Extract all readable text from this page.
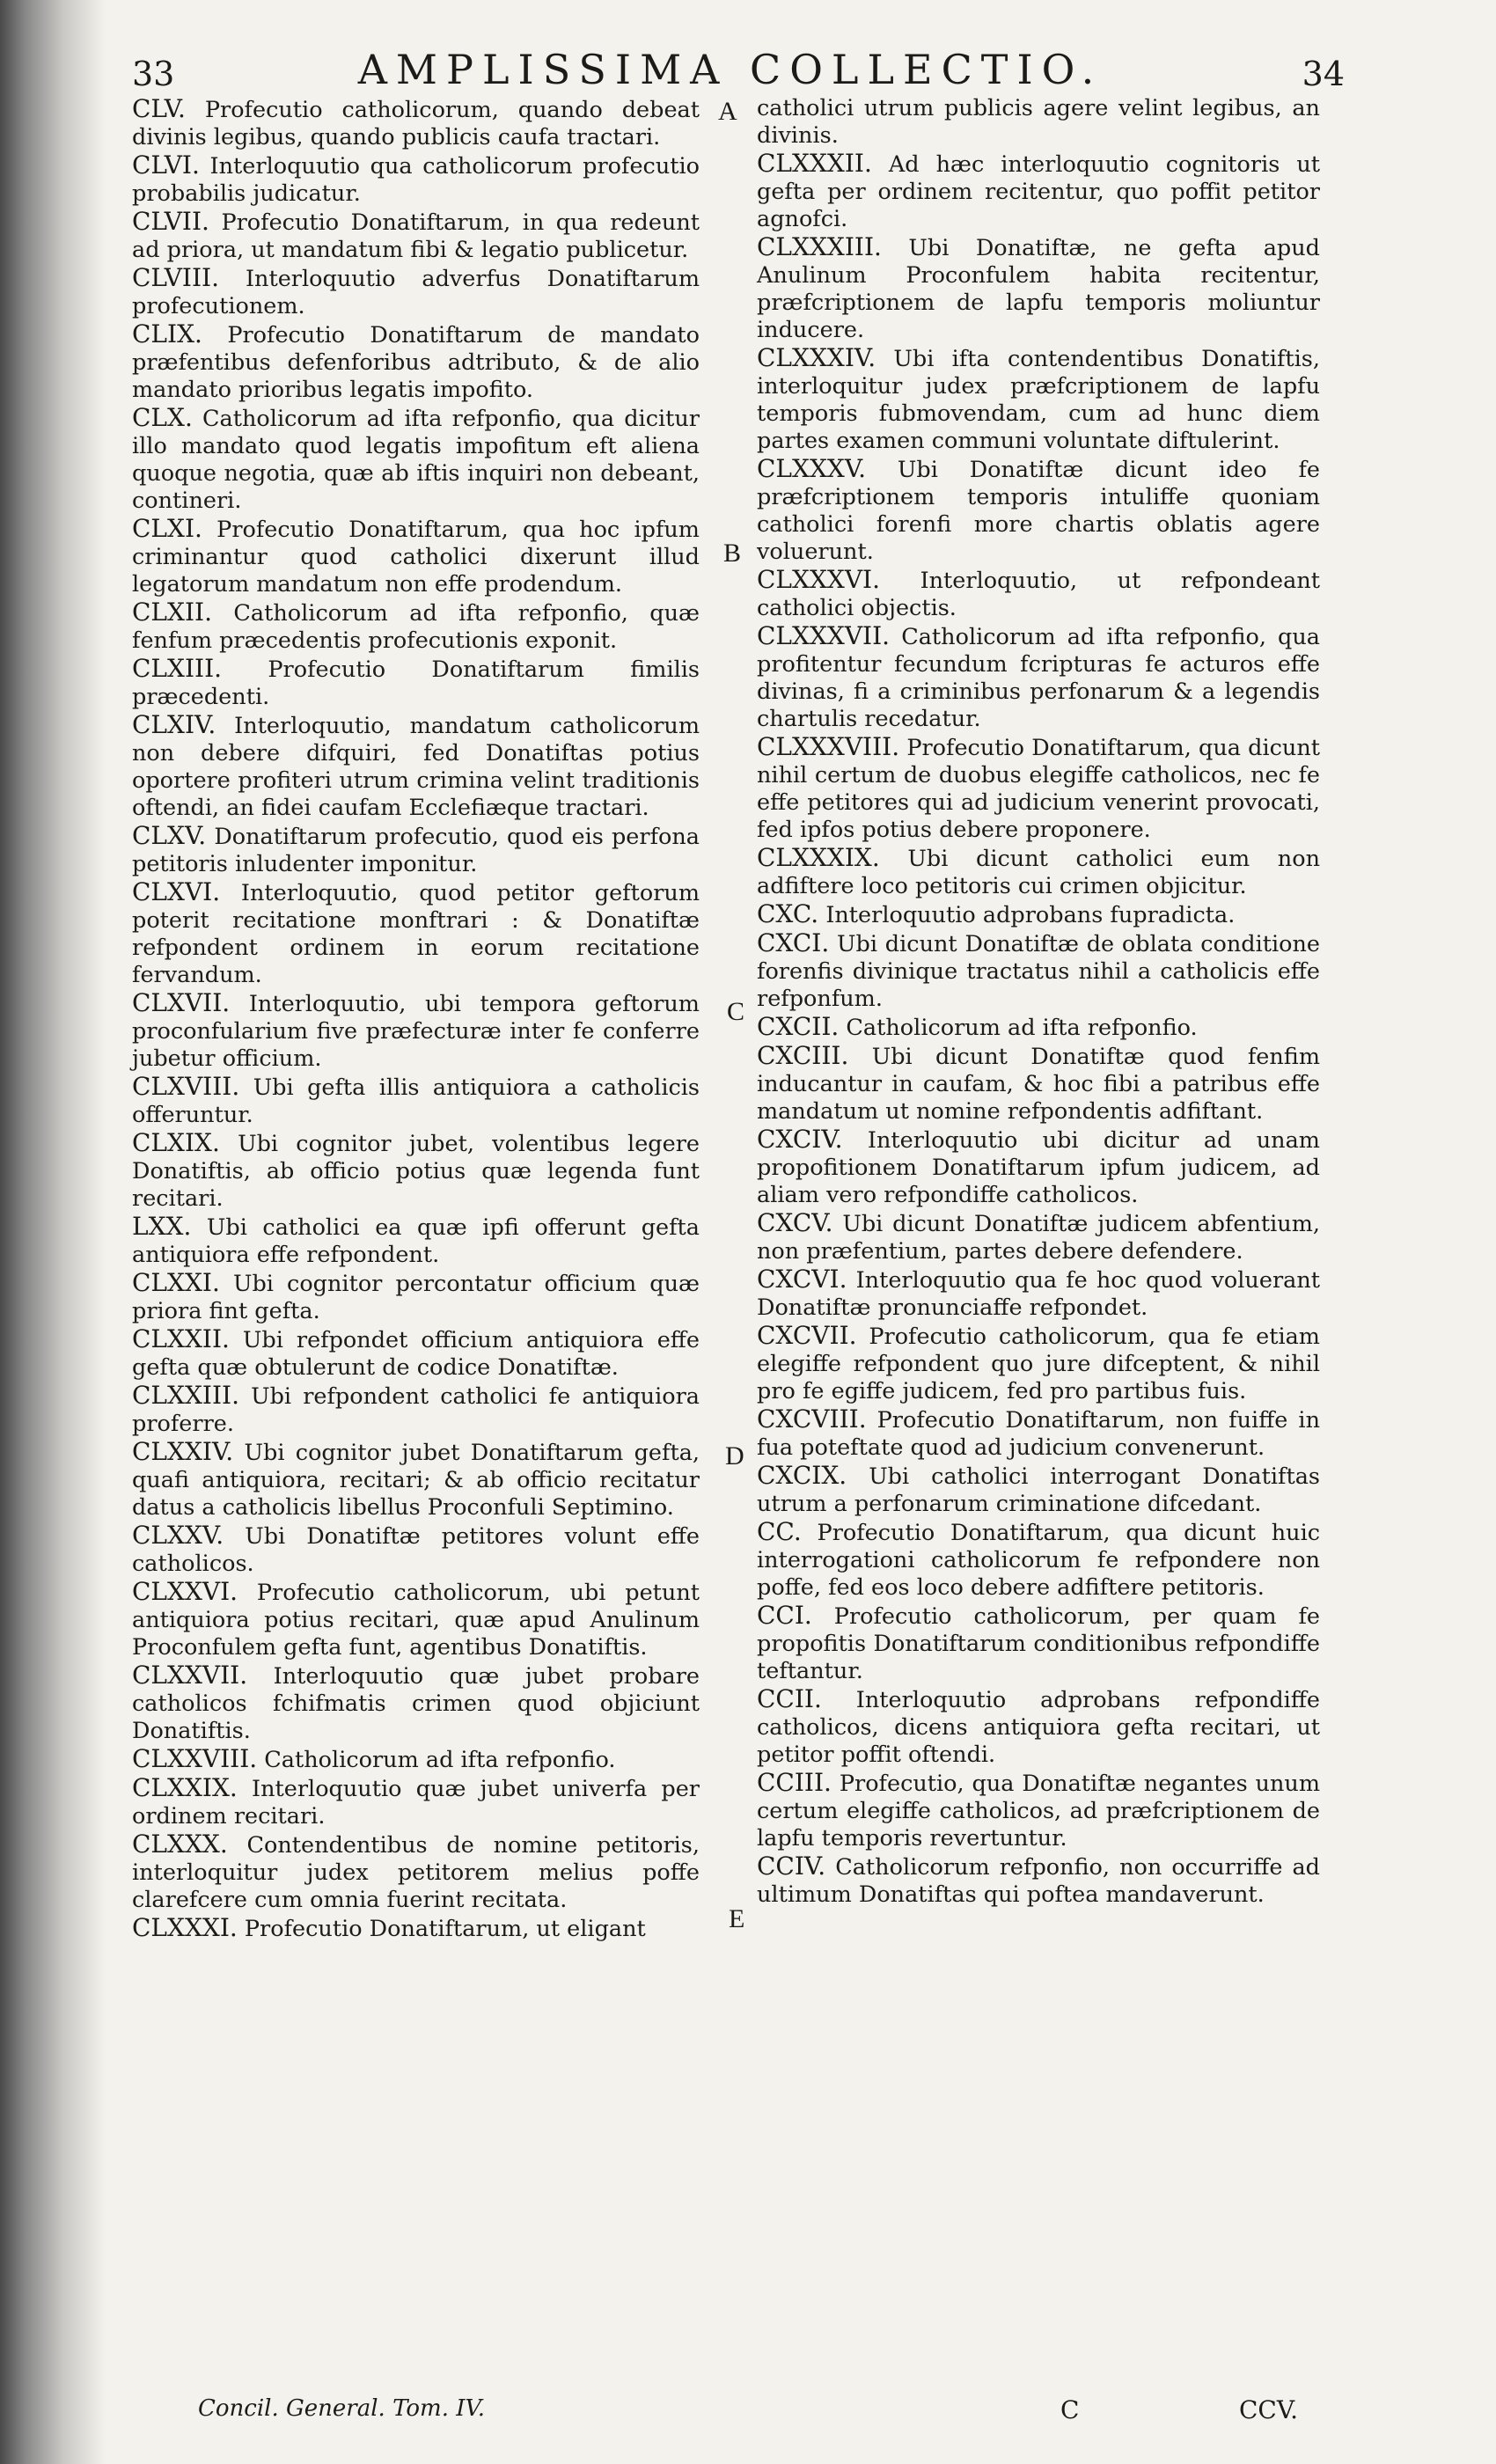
33	AMPLISSIMA COLLECTIO.	34

CLV. Profecutio catholicorum, quando debeat divinis legibus, quando publicis caufa tractari.

CLVI. Interloquutio qua catholicorum profecutio probabilis judicatur.

CLVII. Profecutio Donatiftarum, in qua redeunt ad priora, ut mandatum fibi & legatio publicetur.

CLVIII. Interloquutio adverfus Donatiftarum profecutionem.

CLIX. Profecutio Donatiftarum de mandato præfentibus defenforibus adtributo, & de alio mandato prioribus legatis impofito.

CLX. Catholicorum ad ifta refponfio, qua dicitur illo mandato quod legatis impofitum eft aliena quoque negotia, quæ ab iftis inquiri non debeant, contineri.

CLXI. Profecutio Donatiftarum, qua hoc ipfum criminantur quod catholici dixerunt illud legatorum mandatum non effe prodendum.

CLXII. Catholicorum ad ifta refponfio, quæ fenfum præcedentis profecutionis exponit.

CLXIII. Profecutio Donatiftarum fimilis præcedenti.

CLXIV. Interloquutio, mandatum catholicorum non debere difquiri, fed Donatiftas potius oportere profiteri utrum crimina velint traditionis oftendi, an fidei caufam Ecclefiæque tractari.

CLXV. Donatiftarum profecutio, quod eis perfona petitoris inludenter imponitur.

CLXVI. Interloquutio, quod petitor geftorum poterit recitatione monftrari : & Donatiftæ refpondent ordinem in eorum recitatione fervandum.

CLXVII. Interloquutio, ubi tempora geftorum proconfularium five præfecturæ inter fe conferre jubetur officium.

CLXVIII. Ubi gefta illis antiquiora a catholicis offeruntur.

CLXIX. Ubi cognitor jubet, volentibus legere Donatiftis, ab officio potius quæ legenda funt recitari.

LXX. Ubi catholici ea quæ ipfi offerunt gefta antiquiora effe refpondent.

CLXXI. Ubi cognitor percontatur officium quæ priora fint gefta.

CLXXII. Ubi refpondet officium antiquiora effe gefta quæ obtulerunt de codice Donatiftæ.

CLXXIII. Ubi refpondent catholici fe antiquiora proferre.

CLXXIV. Ubi cognitor jubet Donatiftarum gefta, quafi antiquiora, recitari; & ab officio recitatur datus a catholicis libellus Proconfuli Septimino.

CLXXV. Ubi Donatiftæ petitores volunt effe catholicos.

CLXXVI. Profecutio catholicorum, ubi petunt antiquiora potius recitari, quæ apud Anulinum Proconfulem gefta funt, agentibus Donatiftis.

CLXXVII. Interloquutio quæ jubet probare catholicos fchifmatis crimen quod objiciunt Donatiftis.

CLXXVIII. Catholicorum ad ifta refponfio.

CLXXIX. Interloquutio quæ jubet univerfa per ordinem recitari.

CLXXX. Contendentibus de nomine petitoris, interloquitur judex petitorem melius poffe clarefcere cum omnia fuerint recitata.

CLXXXI. Profecutio Donatiftarum, ut eligant

catholici utrum publicis agere velint legibus, an divinis.

CLXXXII. Ad hæc interloquutio cognitoris ut gefta per ordinem recitentur, quo poffit petitor agnofci.

CLXXXIII. Ubi Donatiftæ, ne gefta apud Anulinum Proconfulem habita recitentur, præfcriptionem de lapfu temporis moliuntur inducere.

CLXXXIV. Ubi ifta contendentibus Donatiftis, interloquitur judex præfcriptionem de lapfu temporis fubmovendam, cum ad hunc diem partes examen communi voluntate diftulerint.

CLXXXV. Ubi Donatiftæ dicunt ideo fe præfcriptionem temporis intuliffe quoniam catholici forenfi more chartis oblatis agere voluerunt.

CLXXXVI. Interloquutio, ut refpondeant catholici objectis.

CLXXXVII. Catholicorum ad ifta refponfio, qua profitentur fecundum fcripturas fe acturos effe divinas, fi a criminibus perfonarum & a legendis chartulis recedatur.

CLXXXVIII. Profecutio Donatiftarum, qua dicunt nihil certum de duobus elegiffe catholicos, nec fe effe petitores qui ad judicium venerint provocati, fed ipfos potius debere proponere.

CLXXXIX. Ubi dicunt catholici eum non adfiftere loco petitoris cui crimen objicitur.

CXC. Interloquutio adprobans fupradicta.

CXCI. Ubi dicunt Donatiftæ de oblata conditione forenfis divinique tractatus nihil a catholicis effe refponfum.

CXCII. Catholicorum ad ifta refponfio.

CXCIII. Ubi dicunt Donatiftæ quod fenfim inducantur in caufam, & hoc fibi a patribus effe mandatum ut nomine refpondentis adfiftant.

CXCIV. Interloquutio ubi dicitur ad unam propofitionem Donatiftarum ipfum judicem, ad aliam vero refpondiffe catholicos.

CXCV. Ubi dicunt Donatiftæ judicem abfentium, non præfentium, partes debere defendere.

CXCVI. Interloquutio qua fe hoc quod voluerant Donatiftæ pronunciaffe refpondet.

CXCVII. Profecutio catholicorum, qua fe etiam elegiffe refpondent quo jure difceptent, & nihil pro fe egiffe judicem, fed pro partibus fuis.

CXCVIII. Profecutio Donatiftarum, non fuiffe in fua poteftate quod ad judicium convenerunt.

CXCIX. Ubi catholici interrogant Donatiftas utrum a perfonarum criminatione difcedant.

CC. Profecutio Donatiftarum, qua dicunt huic interrogationi catholicorum fe refpondere non poffe, fed eos loco debere adfiftere petitoris.

CCI. Profecutio catholicorum, per quam fe propofitis Donatiftarum conditionibus refpondiffe teftantur.

CCII. Interloquutio adprobans refpondiffe catholicos, dicens antiquiora gefta recitari, ut petitor poffit oftendi.

CCIII. Profecutio, qua Donatiftæ negantes unum certum elegiffe catholicos, ad præfcriptionem de lapfu temporis revertuntur.

CCIV. Catholicorum refponfio, non occurriffe ad ultimum Donatiftas qui poftea mandaverunt.

A
B
C
D
E
Concil. General. Tom. IV.	C	CCV.
